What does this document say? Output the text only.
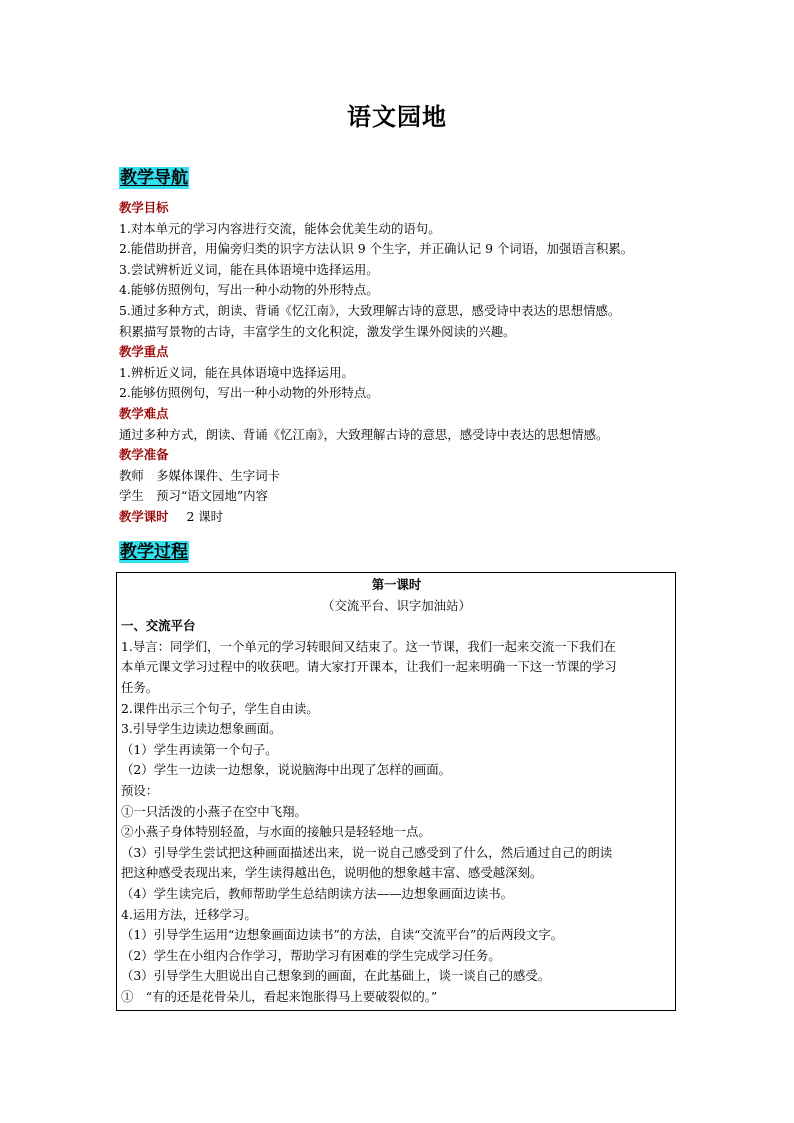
语文园地
教学导航
教学目标
1.对本单元的学习内容进行交流，能体会优美生动的语句。
2.能借助拼音，用偏旁归类的识字方法认识 9 个生字，并正确认记 9 个词语，加强语言积累。
3.尝试辨析近义词，能在具体语境中选择运用。
4.能够仿照例句，写出一种小动物的外形特点。
5.通过多种方式，朗读、背诵《忆江南》，大致理解古诗的意思，感受诗中表达的思想情感。
积累描写景物的古诗，丰富学生的文化积淀，激发学生课外阅读的兴趣。
教学重点
1.辨析近义词，能在具体语境中选择运用。
2.能够仿照例句，写出一种小动物的外形特点。
教学难点
通过多种方式，朗读、背诵《忆江南》，大致理解古诗的意思，感受诗中表达的思想情感。
教学准备
教师　多媒体课件、生字词卡
学生　预习“语文园地”内容
教学课时 2 课时
教学过程
第一课时
（交流平台、识字加油站）
一、交流平台
1.导言：同学们，一个单元的学习转眼间又结束了。这一节课，我们一起来交流一下我们在
本单元课文学习过程中的收获吧。请大家打开课本，让我们一起来明确一下这一节课的学习
任务。
2.课件出示三个句子，学生自由读。
3.引导学生边读边想象画面。
（1）学生再读第一个句子。
（2）学生一边读一边想象，说说脑海中出现了怎样的画面。
预设：
①一只活泼的小燕子在空中飞翔。
②小燕子身体特别轻盈，与水面的接触只是轻轻地一点。
（3）引导学生尝试把这种画面描述出来，说一说自己感受到了什么，然后通过自己的朗读
把这种感受表现出来，学生读得越出色，说明他的想象越丰富、感受越深刻。
（4）学生读完后，教师帮助学生总结朗读方法——边想象画面边读书。
4.运用方法，迁移学习。
（1）引导学生运用“边想象画面边读书”的方法，自读“交流平台”的后两段文字。
（2）学生在小组内合作学习，帮助学习有困难的学生完成学习任务。
（3）引导学生大胆说出自己想象到的画面，在此基础上，谈一谈自己的感受。
①　“有的还是花骨朵儿，看起来饱胀得马上要破裂似的。”
